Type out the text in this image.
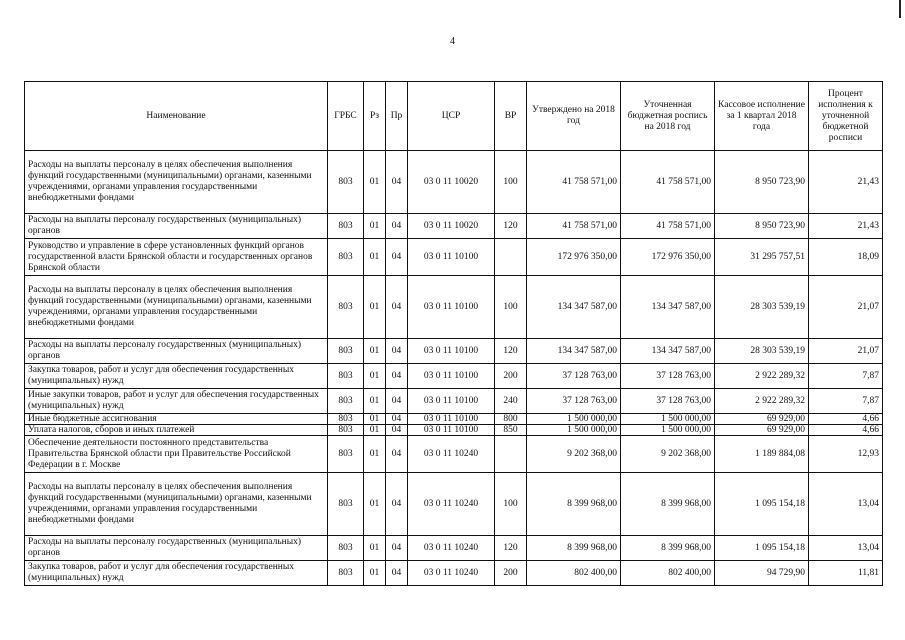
4
Наименование	ГРБС	Рз	Пр	ЦСР	ВР	Утверждено на 2018 год	Уточненная бюджетная роспись на 2018 год	Кассовое исполнение за 1 квартал 2018 года	Процент исполнения к уточненной бюджетной росписи
Расходы на выплаты персоналу в целях обеспечения выполнения функций государственными (муниципальными) органами, казенными учреждениями, органами управления государственными внебюджетными фондами	803	01	04	03 0 11 10020	100	41 758 571,00	41 758 571,00	8 950 723,90	21,43
Расходы на выплаты персоналу государственных (муниципальных) органов	803	01	04	03 0 11 10020	120	41 758 571,00	41 758 571,00	8 950 723,90	21,43
Руководство и управление в сфере установленных функций органов государственной власти Брянской области и государственных органов Брянской области	803	01	04	03 0 11 10100		172 976 350,00	172 976 350,00	31 295 757,51	18,09
Расходы на выплаты персоналу в целях обеспечения выполнения функций государственными (муниципальными) органами, казенными учреждениями, органами управления государственными внебюджетными фондами	803	01	04	03 0 11 10100	100	134 347 587,00	134 347 587,00	28 303 539,19	21,07
Расходы на выплаты персоналу государственных (муниципальных) органов	803	01	04	03 0 11 10100	120	134 347 587,00	134 347 587,00	28 303 539,19	21,07
Закупка товаров, работ и услуг для обеспечения государственных (муниципальных) нужд	803	01	04	03 0 11 10100	200	37 128 763,00	37 128 763,00	2 922 289,32	7,87
Иные закупки товаров, работ и услуг для обеспечения государственных (муниципальных) нужд	803	01	04	03 0 11 10100	240	37 128 763,00	37 128 763,00	2 922 289,32	7,87
Иные бюджетные ассигнования	803	01	04	03 0 11 10100	800	1 500 000,00	1 500 000,00	69 929,00	4,66
Уплата налогов, сборов и иных платежей	803	01	04	03 0 11 10100	850	1 500 000,00	1 500 000,00	69 929,00	4,66
Обеспечение деятельности постоянного представительства Правительства Брянской области при Правительстве Российской Федерации в г. Москве	803	01	04	03 0 11 10240		9 202 368,00	9 202 368,00	1 189 884,08	12,93
Расходы на выплаты персоналу в целях обеспечения выполнения функций государственными (муниципальными) органами, казенными учреждениями, органами управления государственными внебюджетными фондами	803	01	04	03 0 11 10240	100	8 399 968,00	8 399 968,00	1 095 154,18	13,04
Расходы на выплаты персоналу государственных (муниципальных) органов	803	01	04	03 0 11 10240	120	8 399 968,00	8 399 968,00	1 095 154,18	13,04
Закупка товаров, работ и услуг для обеспечения государственных (муниципальных) нужд	803	01	04	03 0 11 10240	200	802 400,00	802 400,00	94 729,90	11,81
